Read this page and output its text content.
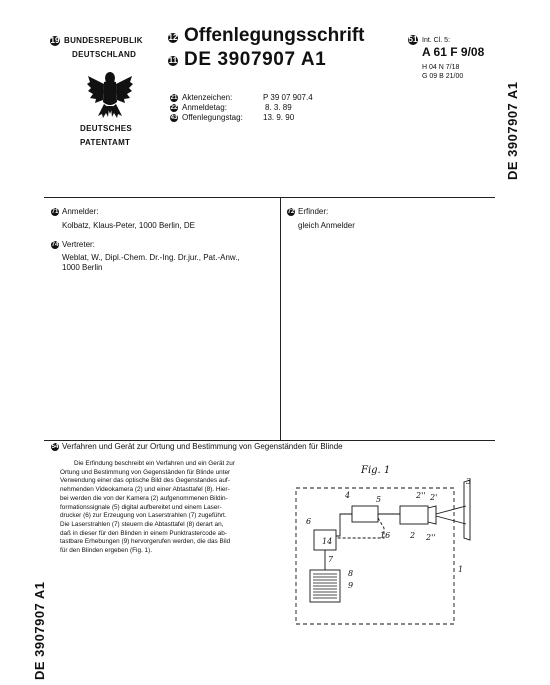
19 BUNDESREPUBLIK
DEUTSCHLAND
DEUTSCHES
PATENTAMT
12 Offenlegungsschrift
11 DE 3907907 A1
21 Aktenzeichen:	P 39 07 907.4
22 Anmeldetag:	8. 3. 89
43 Offenlegungstag:	13. 9. 90
51 Int. Cl. 5:
A 61 F 9/08
H 04 N 7/18
G 09 B 21/00
DE 3907907 A1
71 Anmelder:
Kolbatz, Klaus-Peter, 1000 Berlin, DE
74 Vertreter:
Weblat, W., Dipl.-Chem. Dr.-Ing. Dr.jur., Pat.-Anw.,
1000 Berlin
72 Erfinder:
gleich Anmelder
54 Verfahren und Gerät zur Ortung und Bestimmung von Gegenständen für Blinde
Die Erfindung beschreibt ein Verfahren und ein Gerät zur
Ortung und Bestimmung von Gegenständen für Blinde unter
Verwendung einer das optische Bild des Gegenstandes auf-
nehmenden Videokamera (2) und einer Abtasttafel (8). Hier-
bei werden die von der Kamera (2) aufgenommenen Bildin-
formationssignale (5) digital aufbereitet und einem Laser-
drucker (6) zur Erzeugung von Laserstrahlen (7) zugeführt.
Die Laserstrahlen (7) steuern die Abtasttafel (8) derart an,
daß in dieser für den Blinden in einem Punktrastercode ab-
tastbare Erhebungen (9) hervorgerufen werden, die das Bild
für den Blinden ergeben (Fig. 1).
Fig. 1
4	5
6
14
16
7
8
9
2'' 2'
2 2''
3
1
DE 3907907 A1
